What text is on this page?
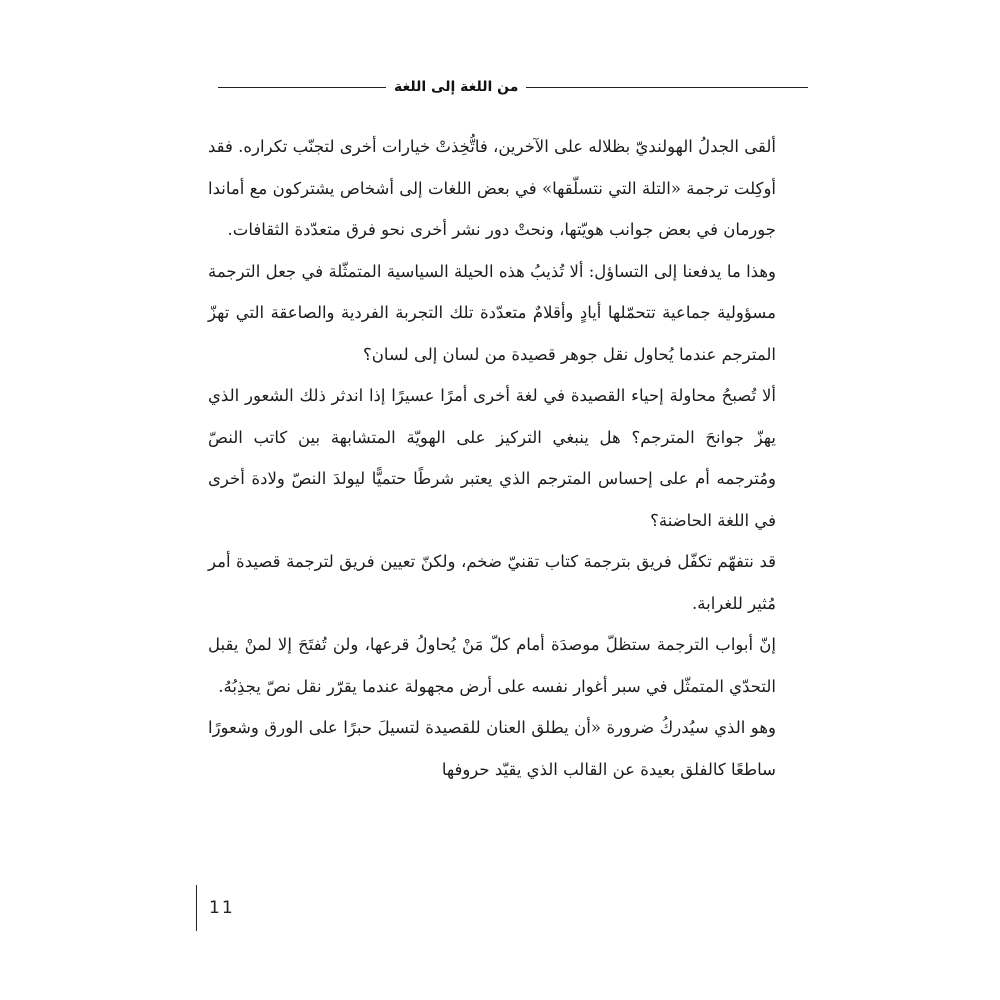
من اللغة إلى اللغة

ألقى الجدلُ الهولنديّ بظلاله على الآخرين، فاتُّخِذتْ خيارات أخرى لتجنّب تكراره. فقد أوكِلت ترجمة «التلة التي نتسلّقها» في بعض اللغات إلى أشخاص يشتركون مع أماندا جورمان في بعض جوانب هويّتها، ونحتْ دور نشر أخرى نحو فرق متعدّدة الثقافات.

وهذا ما يدفعنا إلى التساؤل: ألا تُذيبُ هذه الحيلة السياسية المتمثّلة في جعل الترجمة مسؤولية جماعية تتحمّلها أيادٍ وأقلامٌ متعدّدة تلك التجربة الفردية والصاعقة التي تهزّ المترجم عندما يُحاول نقل جوهر قصيدة من لسان إلى لسان؟

ألا تُصبحُ محاولة إحياء القصيدة في لغة أخرى أمرًا عسيرًا إذا اندثر ذلك الشعور الذي يهزّ جوانحَ المترجم؟ هل ينبغي التركيز على الهويّة المتشابهة بين كاتب النصّ ومُترجمه أم على إحساس المترجم الذي يعتبر شرطًا حتميًّا ليولدَ النصّ ولادة أخرى في اللغة الحاضنة؟

قد نتفهّم تكفّل فريق بترجمة كتاب تقنيّ ضخم، ولكنّ تعيين فريق لترجمة قصيدة أمر مُثير للغرابة.

إنّ أبواب الترجمة ستظلّ موصدَة أمام كلّ مَنْ يُحاولُ قرعها، ولن تُفتَحَ إلا لمنْ يقبل التحدّي المتمثّل في سبر أغوار نفسه على أرض مجهولة عندما يقرّر نقل نصّ يجذِبُهُ.

وهو الذي سيُدركُ ضرورة «أن يطلق العنان للقصيدة لتسيلَ حبرًا على الورق وشعورًا ساطعًا كالفلق بعيدة عن القالب الذي يقيّد حروفها

11
